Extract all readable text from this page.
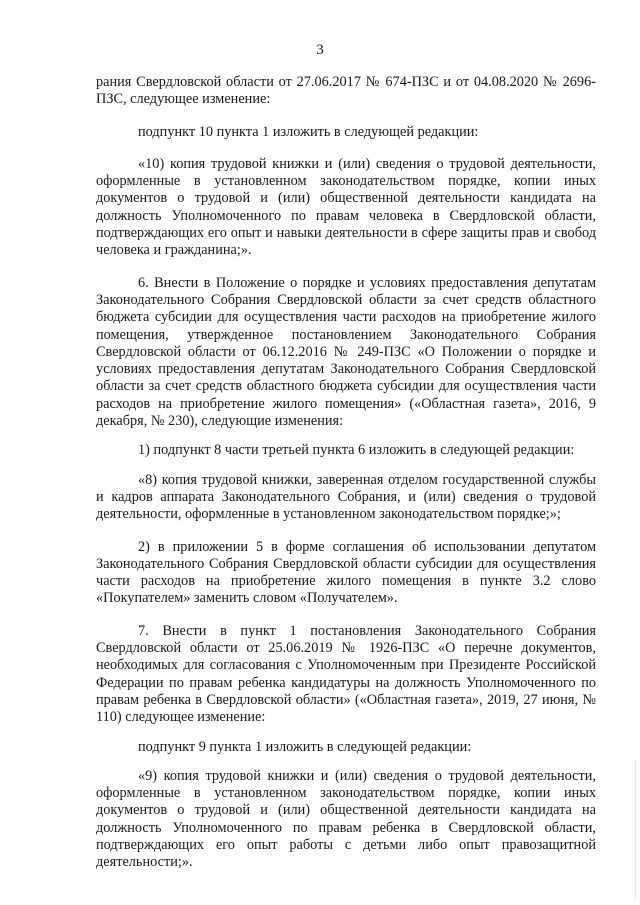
3

рания Свердловской области от 27.06.2017 № 674-ПЗС и от 04.08.2020 № 2696-ПЗС, следующее изменение:

подпункт 10 пункта 1 изложить в следующей редакции:

«10) копия трудовой книжки и (или) сведения о трудовой деятельности, оформленные в установленном законодательством порядке, копии иных документов о трудовой и (или) общественной деятельности кандидата на должность Уполномоченного по правам человека в Свердловской области, подтверждающих его опыт и навыки деятельности в сфере защиты прав и свобод человека и гражданина;».

6. Внести в Положение о порядке и условиях предоставления депутатам Законодательного Собрания Свердловской области за счет средств областного бюджета субсидии для осуществления части расходов на приобретение жилого помещения, утвержденное постановлением Законодательного Собрания Свердловской области от 06.12.2016 № 249-ПЗС «О Положении о порядке и условиях предоставления депутатам Законодательного Собрания Свердловской области за счет средств областного бюджета субсидии для осуществления части расходов на приобретение жилого помещения» («Областная газета», 2016, 9 декабря, № 230), следующие изменения:

1) подпункт 8 части третьей пункта 6 изложить в следующей редакции:

«8) копия трудовой книжки, заверенная отделом государственной службы и кадров аппарата Законодательного Собрания, и (или) сведения о трудовой деятельности, оформленные в установленном законодательством порядке;»;

2) в приложении 5 в форме соглашения об использовании депутатом Законодательного Собрания Свердловской области субсидии для осуществления части расходов на приобретение жилого помещения в пункте 3.2 слово «Покупателем» заменить словом «Получателем».

7. Внести в пункт 1 постановления Законодательного Собрания Свердловской области от 25.06.2019 № 1926-ПЗС «О перечне документов, необходимых для согласования с Уполномоченным при Президенте Российской Федерации по правам ребенка кандидатуры на должность Уполномоченного по правам ребенка в Свердловской области» («Областная газета», 2019, 27 июня, № 110) следующее изменение:

подпункт 9 пункта 1 изложить в следующей редакции:

«9) копия трудовой книжки и (или) сведения о трудовой деятельности, оформленные в установленном законодательством порядке, копии иных документов о трудовой и (или) общественной деятельности кандидата на должность Уполномоченного по правам ребенка в Свердловской области, подтверждающих его опыт работы с детьми либо опыт правозащитной деятельности;».
